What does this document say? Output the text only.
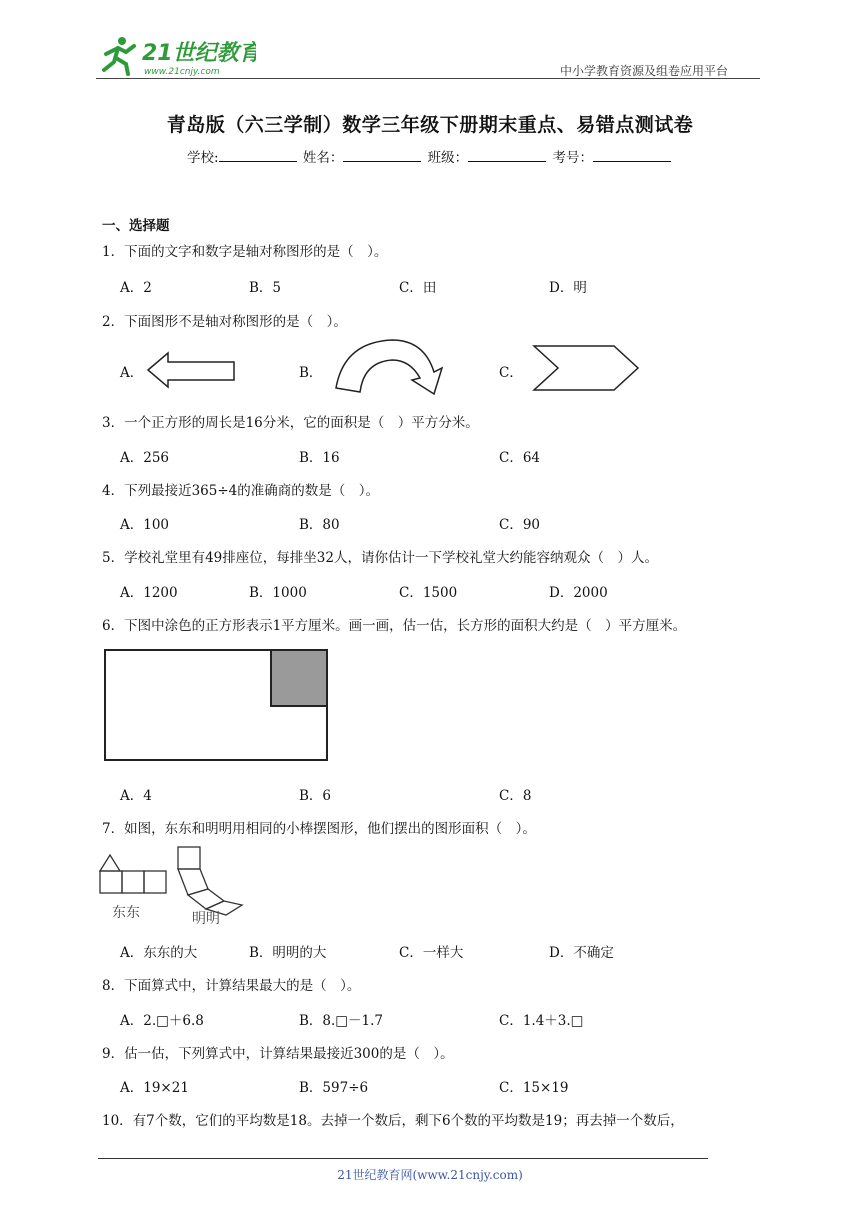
21世纪教育
www.21cnjy.com	中小学教育资源及组卷应用平台
青岛版（六三学制）数学三年级下册期末重点、易错点测试卷
学校:	姓名：	班级：	考号：
一、选择题
1．下面的文字和数字是轴对称图形的是（　）。
A．2	B．5	C．田	D．明
2．下面图形不是轴对称图形的是（　）。
A．	B．	C．
3．一个正方形的周长是16分米，它的面积是（　）平方分米。
A．256	B．16	C．64
4．下列最接近365÷4的准确商的数是（　）。
A．100	B．80	C．90
5．学校礼堂里有49排座位，每排坐32人，请你估计一下学校礼堂大约能容纳观众（　）人。
A．1200	B．1000	C．1500	D．2000
6．下图中涂色的正方形表示1平方厘米。画一画，估一估，长方形的面积大约是（　）平方厘米。
A．4	B．6	C．8
7．如图，东东和明明用相同的小棒摆图形，他们摆出的图形面积（　）。
东东	明明
A．东东的大	B．明明的大	C．一样大	D．不确定
8．下面算式中，计算结果最大的是（　）。
A．2.□＋6.8	B．8.□－1.7	C．1.4＋3.□
9．估一估，下列算式中，计算结果最接近300的是（　）。
A．19×21	B．597÷6	C．15×19
10．有7个数，它们的平均数是18。去掉一个数后，剩下6个数的平均数是19；再去掉一个数后，
21世纪教育网(www.21cnjy.com)
